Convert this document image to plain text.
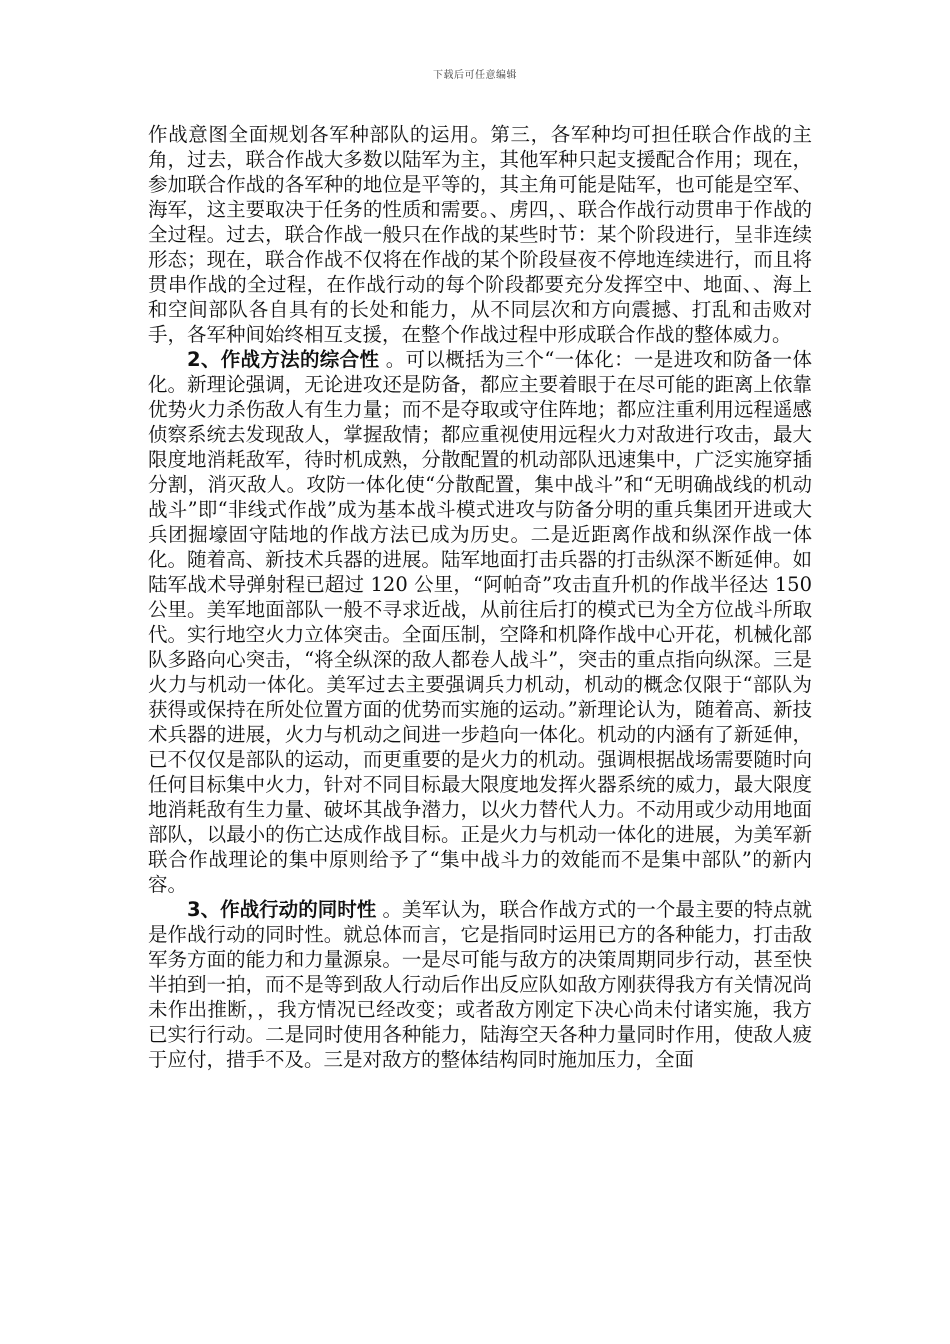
下载后可任意编辑

作战意图全面规划各军种部队的运用。第三，各军种均可担任联合作战的主角，过去，联合作战大多数以陆军为主，其他军种只起支援配合作用；现在，参加联合作战的各军种的地位是平等的，其主角可能是陆军，也可能是空军、海军，这主要取决于任务的性质和需要。、虏四，、联合作战行动贯串于作战的全过程。过去，联合作战一般只在作战的某些时节：某个阶段进行，呈非连续形态；现在，联合作战不仅将在作战的某个阶段昼夜不停地连续进行，而且将贯串作战的全过程，在作战行动的每个阶段都要充分发挥空中、地面、、海上和空间部队各自具有的长处和能力，从不同层次和方向震撼、打乱和击败对手，各军种间始终相互支援，在整个作战过程中形成联合作战的整体威力。

2、作战方法的综合性 。可以概括为三个“一体化：一是进攻和防备一体化。新理论强调，无论进攻还是防备，都应主要着眼于在尽可能的距离上依靠优势火力杀伤敌人有生力量；而不是夺取或守住阵地；都应注重利用远程遥感侦察系统去发现敌人，掌握敌情；都应重视使用远程火力对敌进行攻击，最大限度地消耗敌军，待时机成熟，分散配置的机动部队迅速集中，广泛实施穿插分割，消灭敌人。攻防一体化使“分散配置，集中战斗”和“无明确战线的机动战斗”即“非线式作战”成为基本战斗模式进攻与防备分明的重兵集团开进或大兵团掘壕固守陆地的作战方法已成为历史。二是近距离作战和纵深作战一体化。随着高、新技术兵器的进展。陆军地面打击兵器的打击纵深不断延伸。如陆军战术导弹射程已超过 120 公里，“阿帕奇”攻击直升机的作战半径达 150 公里。美军地面部队一般不寻求近战，从前往后打的模式已为全方位战斗所取代。实行地空火力立体突击。全面压制，空降和机降作战中心开花，机械化部队多路向心突击，“将全纵深的敌人都卷人战斗”，突击的重点指向纵深。三是火力与机动一体化。美军过去主要强调兵力机动，机动的概念仅限于“部队为获得或保持在所处位置方面的优势而实施的运动。”新理论认为，随着高、新技术兵器的进展，火力与机动之间进一步趋向一体化。机动的内涵有了新延伸，已不仅仅是部队的运动，而更重要的是火力的机动。强调根据战场需要随时向任何目标集中火力，针对不同目标最大限度地发挥火器系统的威力，最大限度地消耗敌有生力量、破坏其战争潜力，以火力替代人力。不动用或少动用地面部队，以最小的伤亡达成作战目标。正是火力与机动一体化的进展，为美军新联合作战理论的集中原则给予了“集中战斗力的效能而不是集中部队”的新内容。

3、作战行动的同时性 。美军认为，联合作战方式的一个最主要的特点就是作战行动的同时性。就总体而言，它是指同时运用已方的各种能力，打击敌军务方面的能力和力量源泉。一是尽可能与敌方的决策周期同步行动，甚至快半拍到一拍，而不是等到敌人行动后作出反应队如敌方刚获得我方有关情况尚未作出推断，，我方情况已经改变；或者敌方刚定下决心尚未付诸实施，我方已实行行动。二是同时使用各种能力，陆海空天各种力量同时作用，使敌人疲于应付，措手不及。三是对敌方的整体结构同时施加压力，全面
